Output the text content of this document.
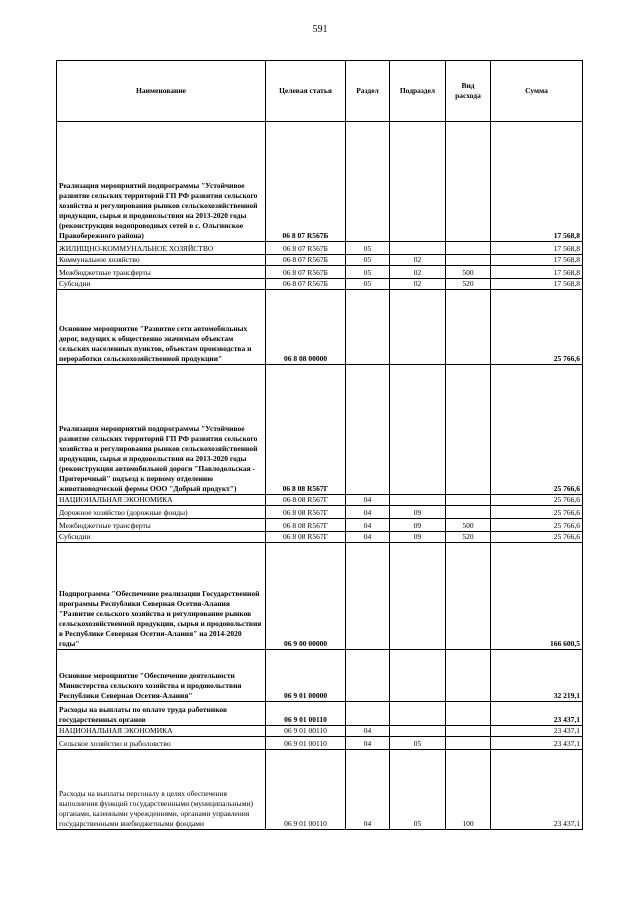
591
Наименование	Целевая статья	Раздел	Подраздел	Вид расхода	Сумма
Реализация мероприятий подпрограммы "Устойчивое развитие сельских территорий ГП РФ развития сельского хозяйства и регулирования рынков сельскохозяйственной продукции, сырья и продовольствия на 2013-2020 годы (реконструкция водопроводных сетей в с. Ольгинское Правобережного района)	06 8 07 R567Б				17 568,8
ЖИЛИЩНО-КОММУНАЛЬНОЕ ХОЗЯЙСТВО	06 8 07 R567Б	05			17 568,8
Коммунальное хозяйство	06 8 07 R567Б	05	02		17 568,8
Межбюджетные трансферты	06 8 07 R567Б	05	02	500	17 568,8
Субсидии	06 8 07 R567Б	05	02	520	17 568,8
Основное мероприятие "Развитие сети автомобильных дорог, ведущих к общественно значимым объектам сельских населенных пунктов, объектам производства и переработки сельскохозяйственной продукции"	06 8 08 00000				25 766,6
Реализация мероприятий подпрограммы "Устойчивое развитие сельских территорий ГП РФ развития сельского хозяйства и регулирования рынков сельскохозяйственной продукции, сырья и продовольствия на 2013-2020 годы (реконструкция автомобильной дороги "Павлодольская - Притеречный" подъезд к первому отделению животноводческой фермы ООО "Добрый продукт")	06 8 08 R567Г				25 766,6
НАЦИОНАЛЬНАЯ ЭКОНОМИКА	06 8 08 R567Г	04			25 766,6
Дорожное хозяйство (дорожные фонды)	06 8 08 R567Г	04	09		25 766,6
Межбюджетные трансферты	06 8 08 R567Г	04	09	500	25 766,6
Субсидии	06 8 08 R567Г	04	09	520	25 766,6
Подпрограмма "Обеспечение реализации Государственной программы Республики Северная Осетия-Алания "Развитие сельского хозяйства и регулирование рынков сельскохозяйственной продукции, сырья и продовольствия в Республике Северная Осетия-Алания" на 2014-2020 годы"	06 9 00 00000				166 600,5
Основное мероприятие "Обеспечение деятельности Министерства сельского хозяйства и продовольствия Республики Северная Осетия-Алания"	06 9 01 00000				32 219,1
Расходы на выплаты по оплате труда работников государственных органов	06 9 01 00110				23 437,1
НАЦИОНАЛЬНАЯ ЭКОНОМИКА	06 9 01 00110	04			23 437,1
Сельское хозяйство и рыболовство	06 9 01 00110	04	05		23 437,1
Расходы на выплаты персоналу в целях обеспечения выполнения функций государственными (муниципальными) органами, казенными учреждениями, органами управления государственными внебюджетными фондами	06 9 01 00110	04	05	100	23 437,1
